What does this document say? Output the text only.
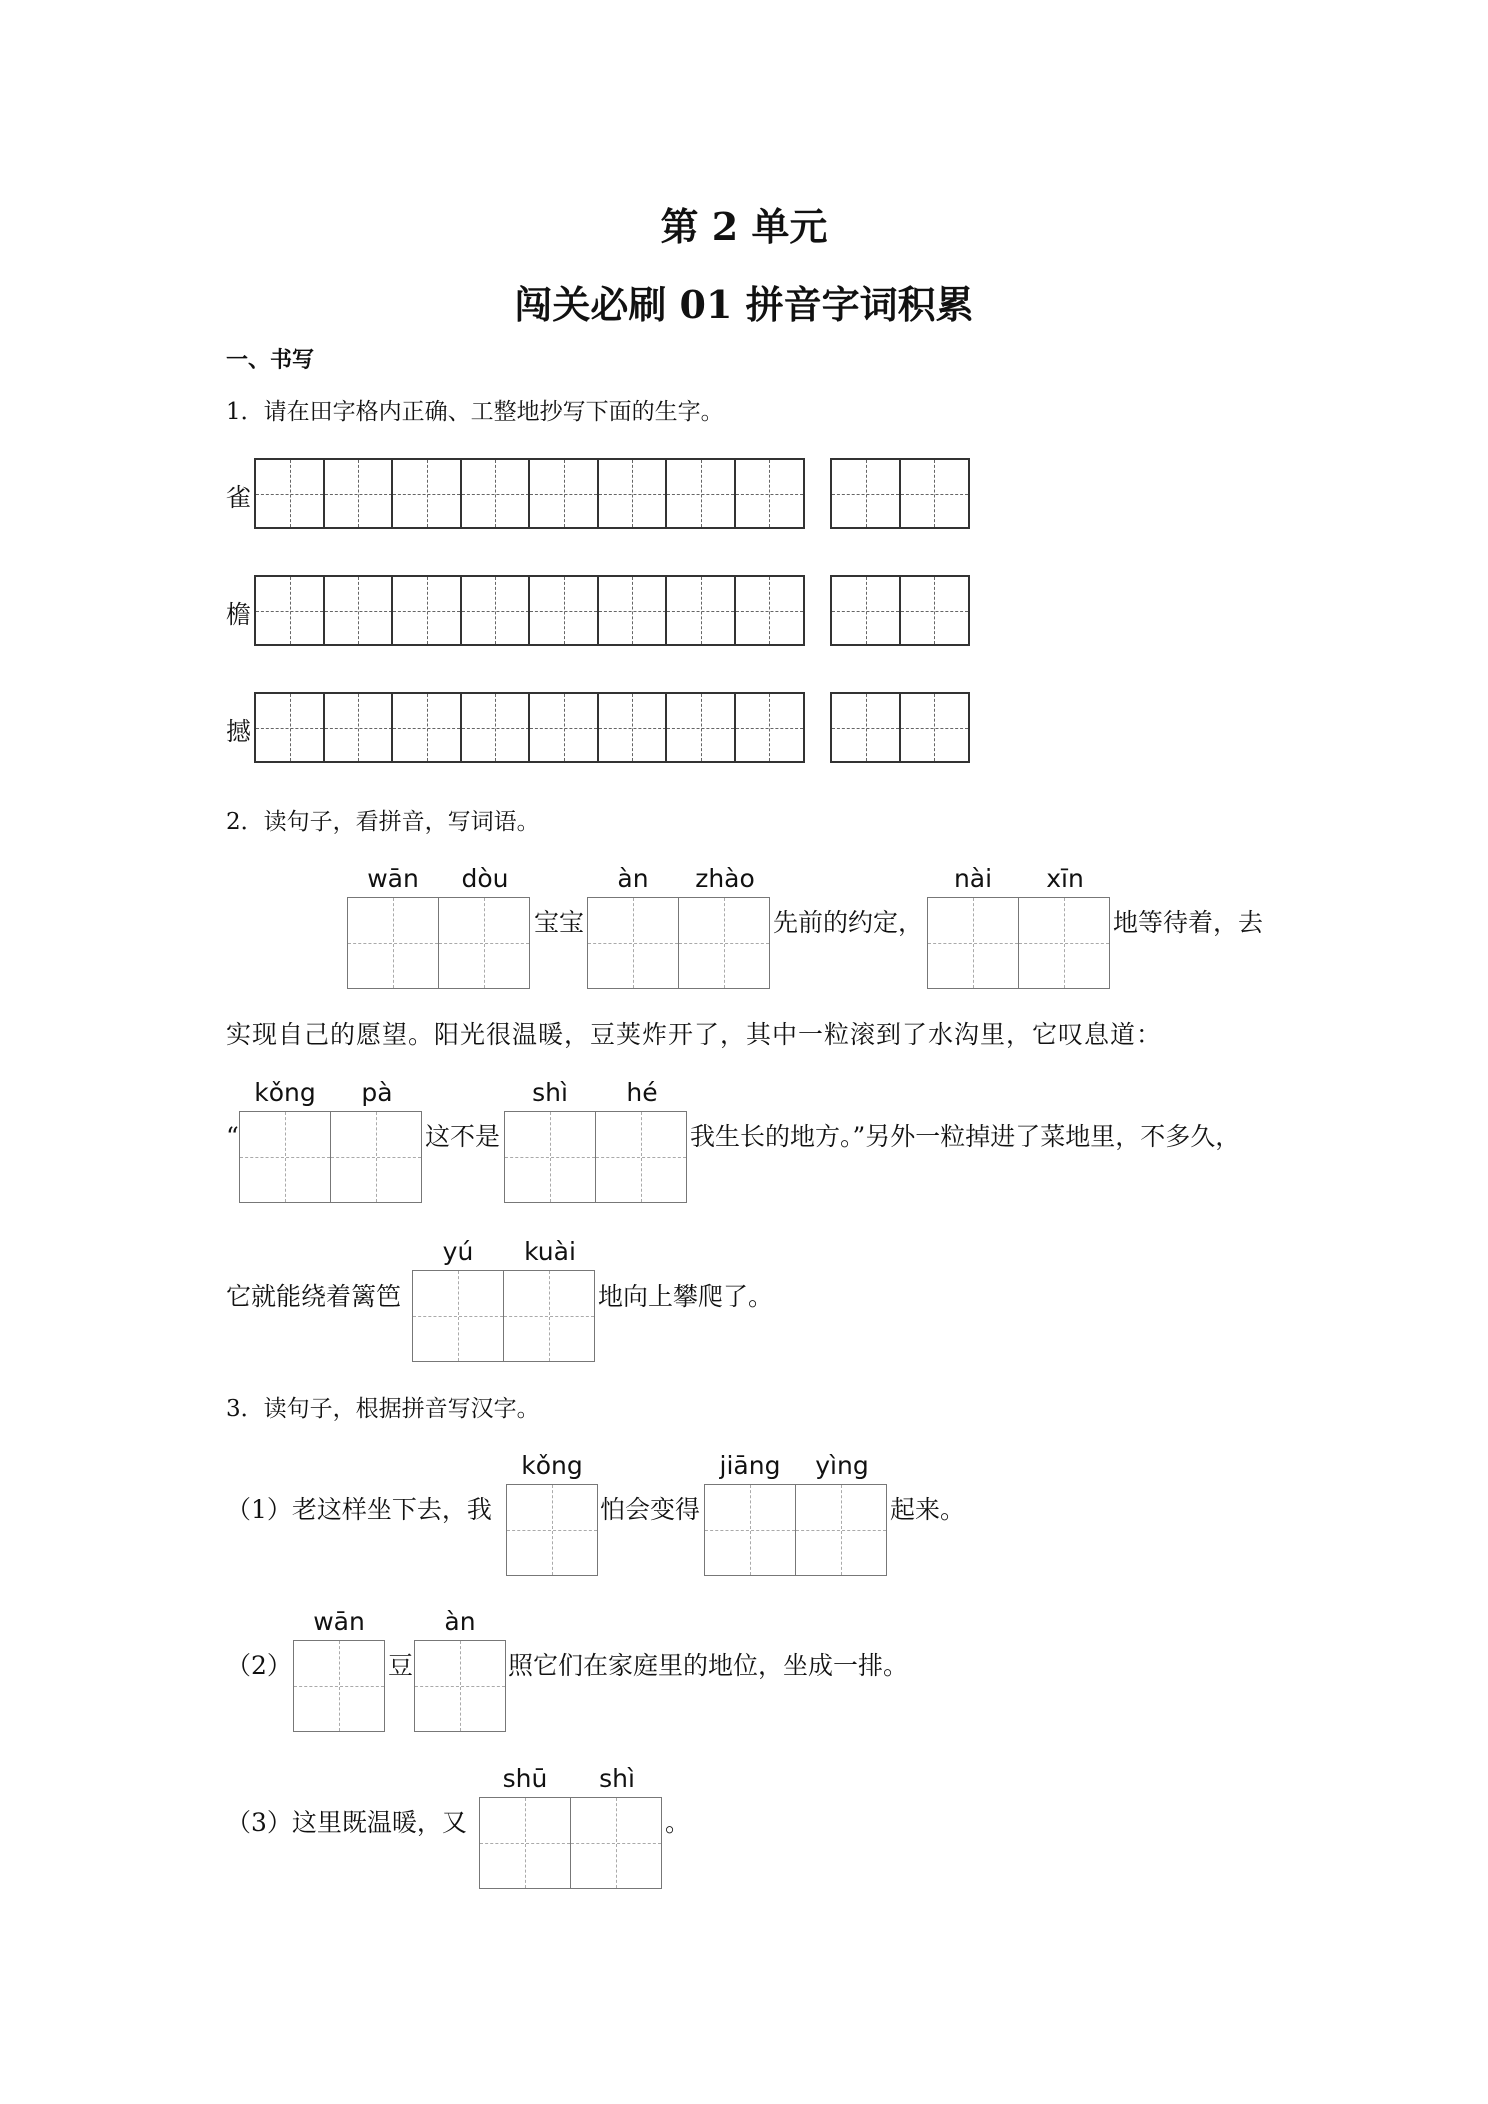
第 2 单元
闯关必刷 01 拼音字词积累
一、书写
1．请在田字格内正确、工整地抄写下面的生字。
雀
檐
撼
2．读句子，看拼音，写词语。
wān	dòu
宝宝
àn	zhào
先前的约定，
nài	xīn
地等待着，去
实现自己的愿望。阳光很温暖，豆荚炸开了，其中一粒滚到了水沟里，它叹息道：
“
kǒng	pà
这不是
shì	hé
我生长的地方。”另外一粒掉进了菜地里，不多久，
它就能绕着篱笆
yú	kuài
地向上攀爬了。
3．读句子，根据拼音写汉字。
（1）老这样坐下去，我
kǒng
怕会变得
jiāng	yìng
起来。
（2）
wān
豆
àn
照它们在家庭里的地位，坐成一排。
（3）这里既温暖，又
shū	shì
。
